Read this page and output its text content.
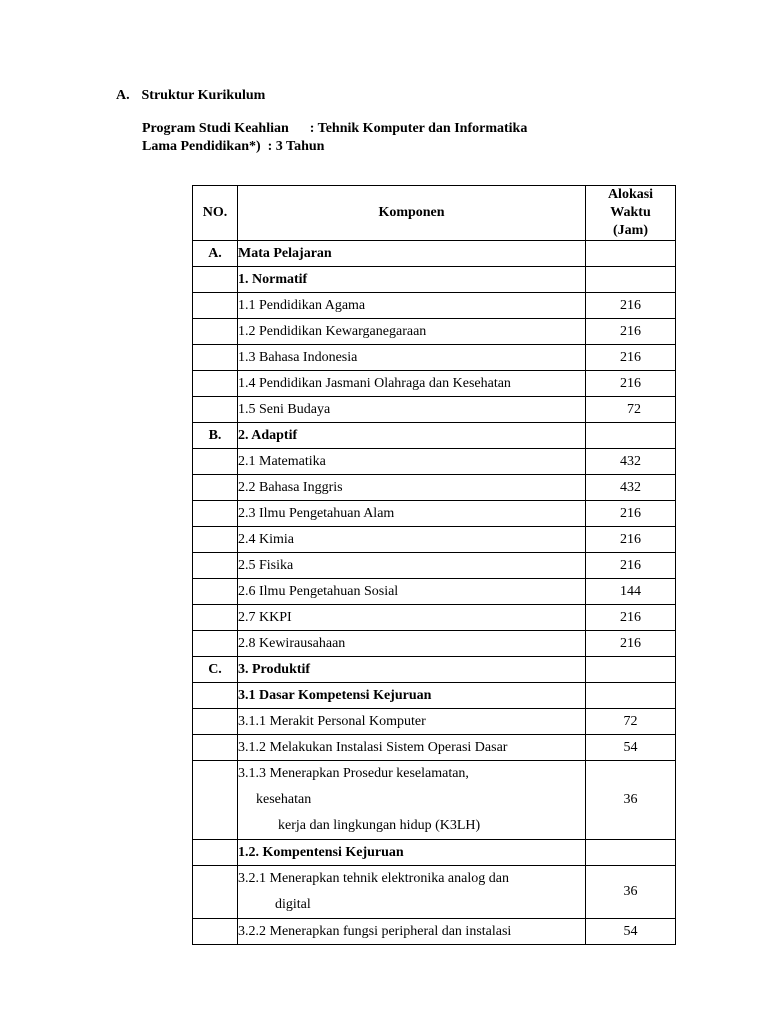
A. Struktur Kurikulum
Program Studi Keahlian      : Tehnik Komputer dan Informatika
Lama Pendidikan*)  : 3 Tahun
NO.	Komponen	Alokasi
Waktu
(Jam)
A.	Mata Pelajaran	
	1. Normatif	
	1.1 Pendidikan Agama	216
	1.2 Pendidikan Kewarganegaraan	216
	1.3 Bahasa Indonesia	216
	1.4 Pendidikan Jasmani Olahraga dan Kesehatan	216
	1.5 Seni Budaya	72
B.	2. Adaptif	
	2.1 Matematika	432
	2.2 Bahasa Inggris	432
	2.3 Ilmu Pengetahuan Alam	216
	2.4 Kimia	216
	2.5 Fisika	216
	2.6 Ilmu Pengetahuan Sosial	144
	2.7 KKPI	216
	2.8 Kewirausahaan	216
C.	3. Produktif	
	3.1 Dasar Kompetensi Kejuruan	
	3.1.1 Merakit Personal Komputer	72
	3.1.2 Melakukan Instalasi Sistem Operasi Dasar	54

	3.1.3 Menerapkan Prosedur keselamatan,
kesehatan
kerja dan lingkungan hidup (K3LH)	36
	1.2. Kompentensi Kejuruan	

	3.2.1 Menerapkan tehnik elektronika analog dan
digital	36
	3.2.2 Menerapkan fungsi peripheral dan instalasi	54
